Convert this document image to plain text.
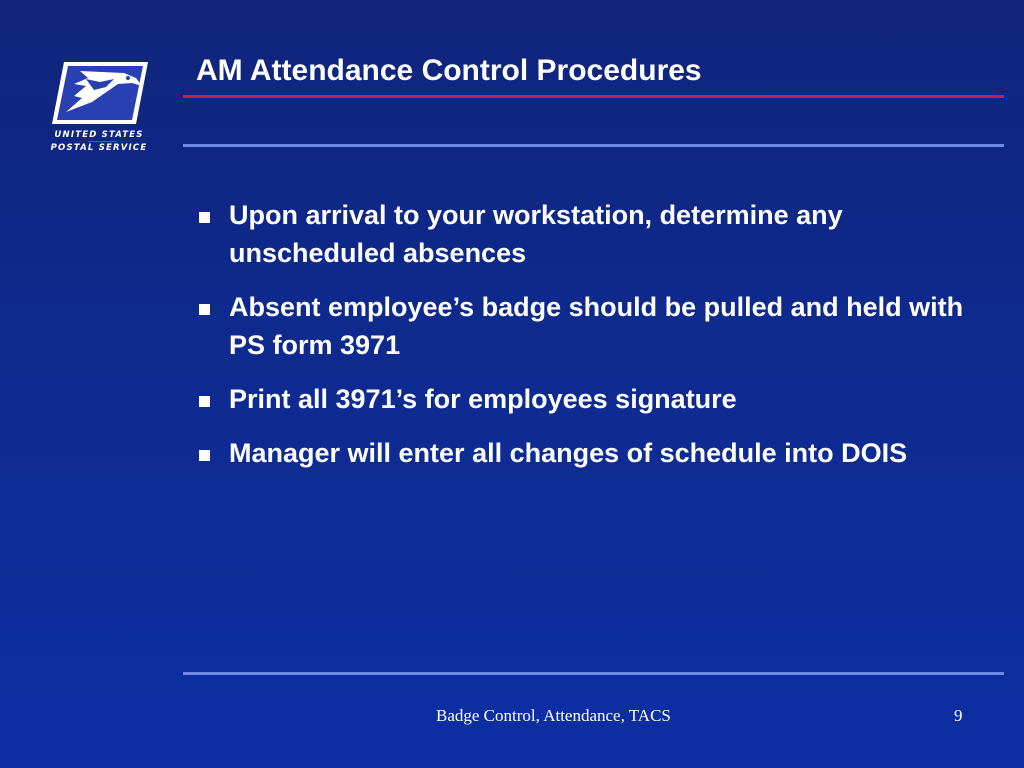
UNITED STATES
POSTAL SERVICE
AM Attendance Control Procedures
Upon arrival to your workstation, determine any unscheduled absences
Absent employee’s badge should be pulled and held with PS form 3971
Print all 3971’s for employees signature
Manager will enter all changes of schedule into DOIS
Badge Control, Attendance, TACS	9
